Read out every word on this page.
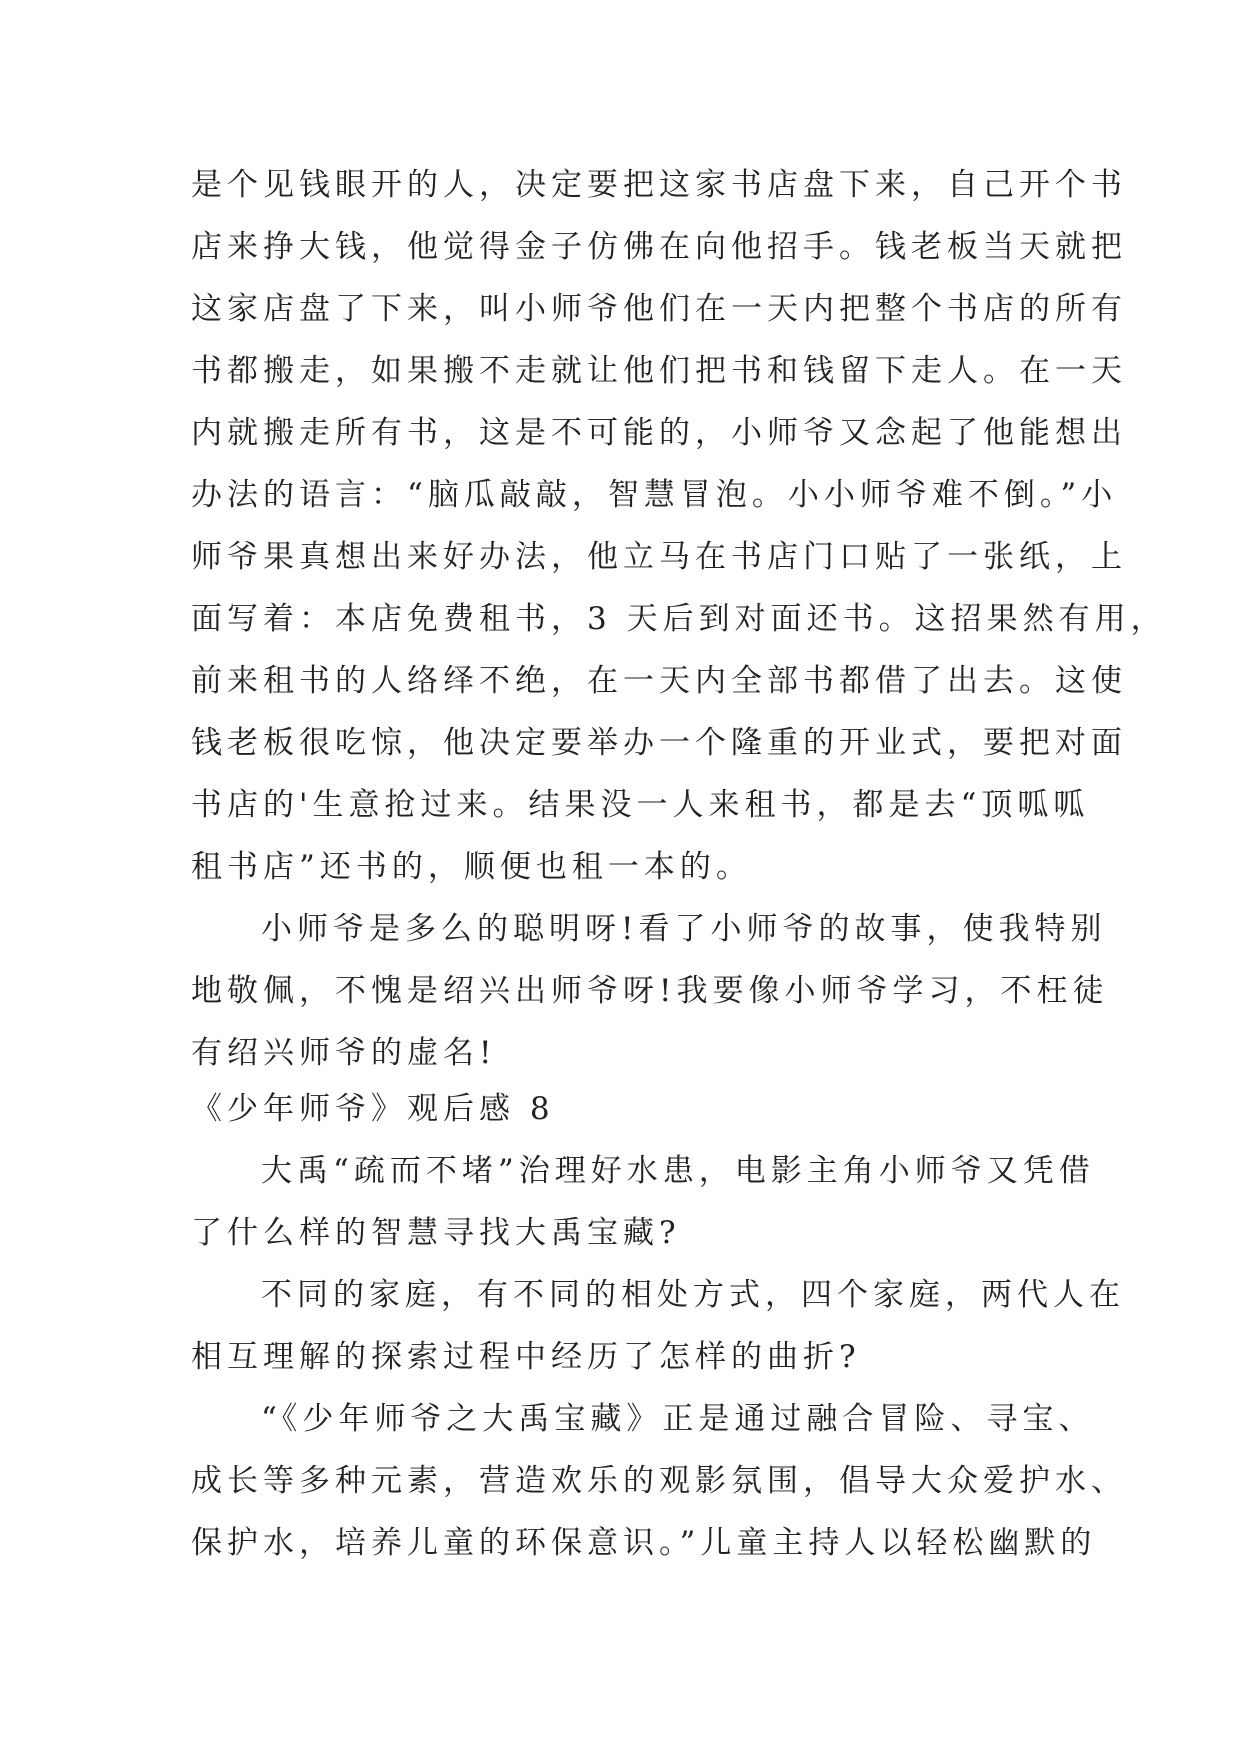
是个见钱眼开的人，决定要把这家书店盘下来，自己开个书
店来挣大钱，他觉得金子仿佛在向他招手。钱老板当天就把
这家店盘了下来，叫小师爷他们在一天内把整个书店的所有
书都搬走，如果搬不走就让他们把书和钱留下走人。在一天
内就搬走所有书，这是不可能的，小师爷又念起了他能想出
办法的语言：“脑瓜敲敲，智慧冒泡。小小师爷难不倒。”小
师爷果真想出来好办法，他立马在书店门口贴了一张纸，上
面写着：本店免费租书，3 天后到对面还书。这招果然有用，
前来租书的人络绎不绝，在一天内全部书都借了出去。这使
钱老板很吃惊，他决定要举办一个隆重的开业式，要把对面
书店的'生意抢过来。结果没一人来租书，都是去“顶呱呱
租书店”还书的，顺便也租一本的。
小师爷是多么的聪明呀!看了小师爷的故事，使我特别
地敬佩，不愧是绍兴出师爷呀!我要像小师爷学习，不枉徒
有绍兴师爷的虚名!
《少年师爷》观后感 8
大禹“疏而不堵”治理好水患，电影主角小师爷又凭借
了什么样的智慧寻找大禹宝藏?
不同的家庭，有不同的相处方式，四个家庭，两代人在
相互理解的探索过程中经历了怎样的曲折?
“《少年师爷之大禹宝藏》正是通过融合冒险、寻宝、
成长等多种元素，营造欢乐的观影氛围，倡导大众爱护水、
保护水，培养儿童的环保意识。”儿童主持人以轻松幽默的
